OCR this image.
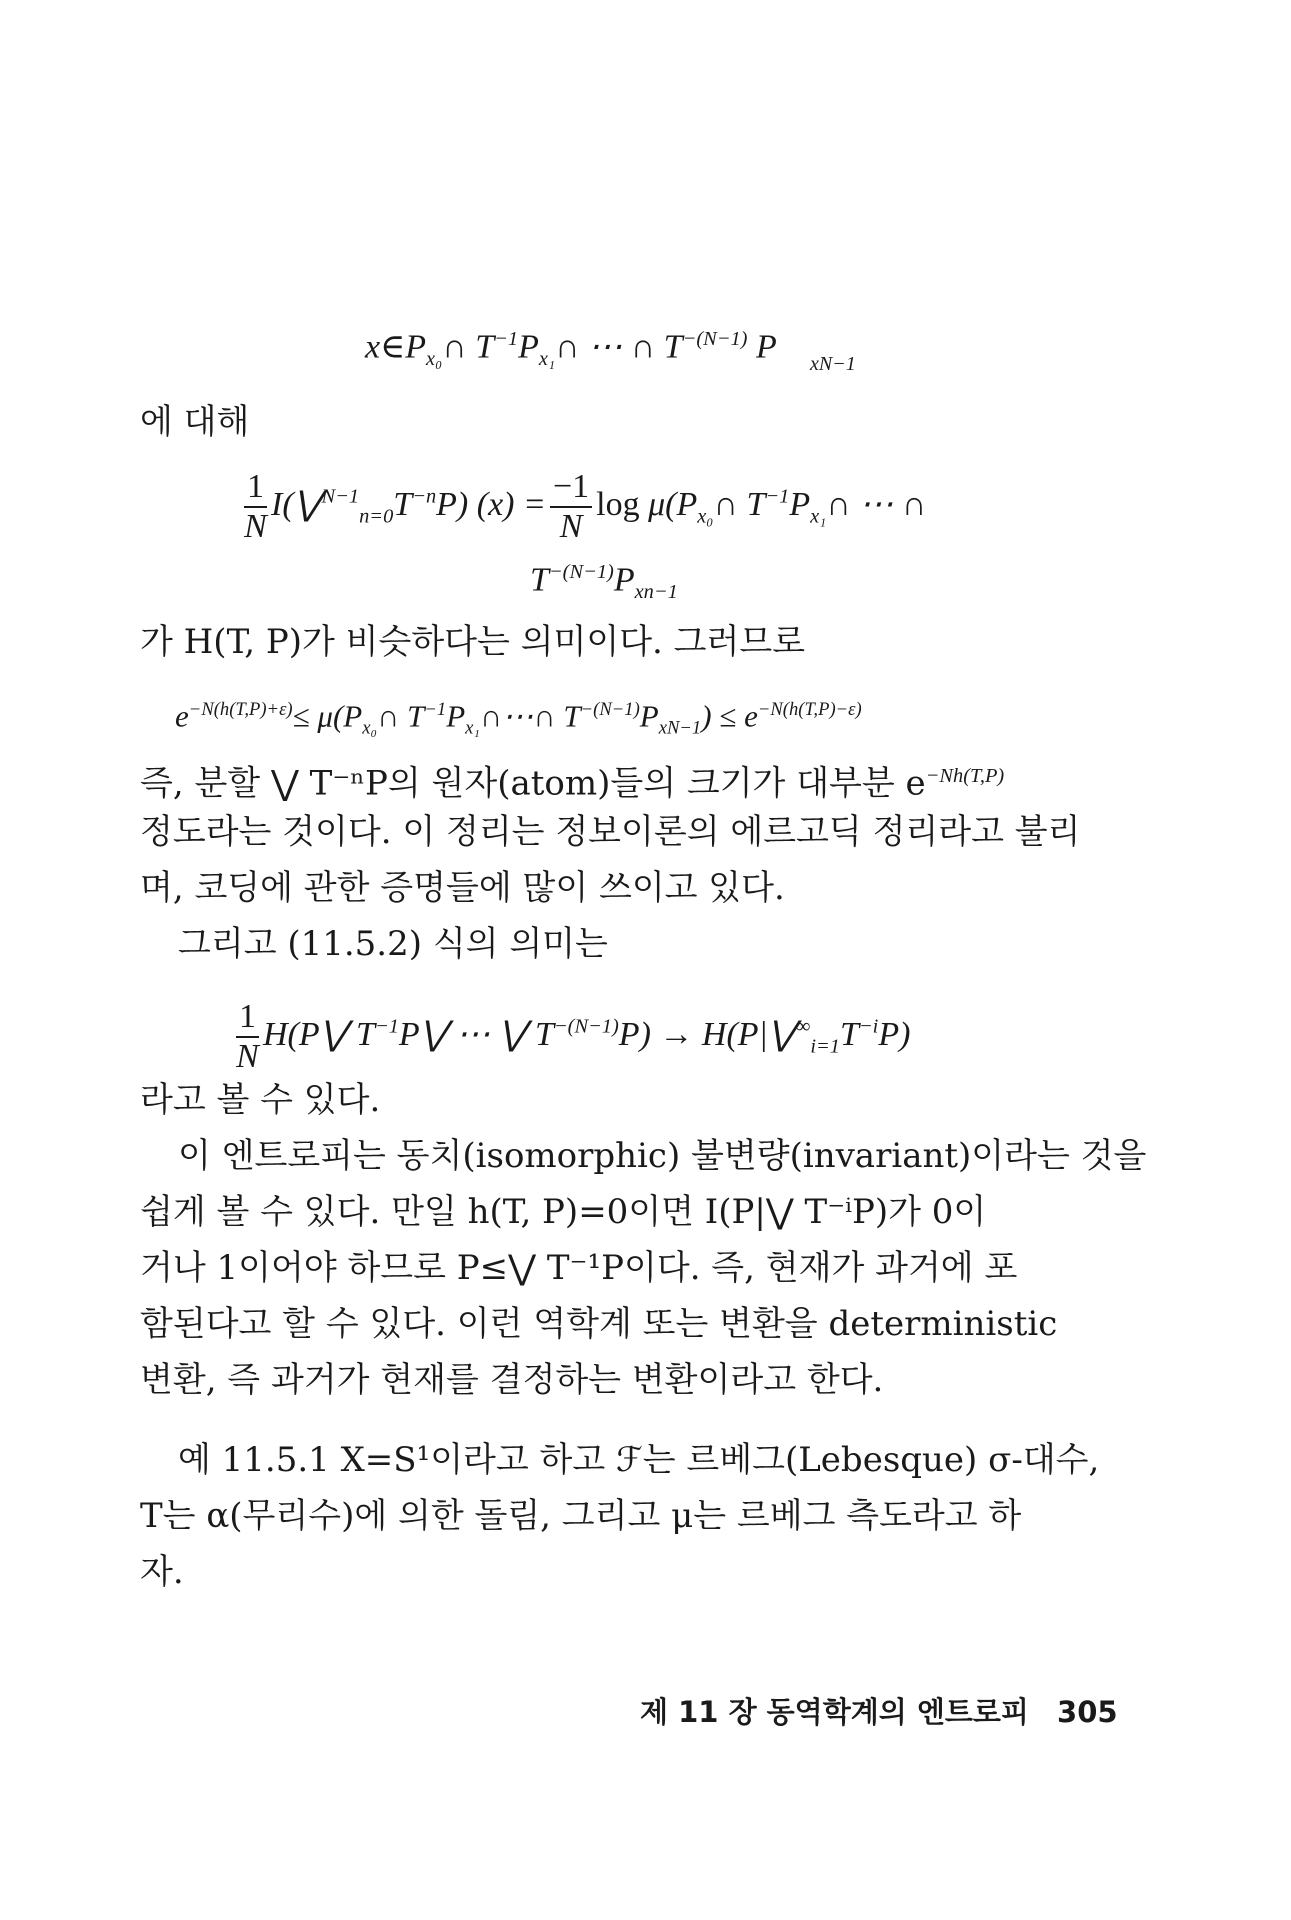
$x\in P_{x_0}\cap$ $T^{-1}P_{x_1}\cap$ ⋯ ∩ $T^{-(N-1)}$ P xN−1
에 대해
$\frac{1}{N}$ $I(⋁^{N-1}_{n=0}T^{-n}P) (x) = \frac{-1}{N}$ $\log \mu(P_{x_0}\cap$ $T^{-1}P_{x_1}\cap$ ⋯ ∩
$T^{-(N-1)}P_{xn-1}$
가 H(T, P)가 비슷하다는 의미이다. 그러므로
$e^{-N(h(T,P)+\varepsilon)}\le$ $\mu(P_{x_0}\cap$ $T^{-1}P_{x_1}\cap\cdots\cap$ $T^{-(N-1)}P_{xN-1}) \le e^{-N(h(T,P)-\varepsilon)}$
즉, 분할 ⋁ T⁻ⁿP의 원자(atom)들의 크기가 대부분 $e^{-Nh(T,P)}$
정도라는 것이다. 이 정리는 정보이론의 에르고딕 정리라고 불리
며, 코딩에 관한 증명들에 많이 쓰이고 있다.
그리고 (11.5.2) 식의 의미는
$\frac{1}{N}$ H(P⋁ $T^{-1}P⋁$ ⋯ ⋁ $T^{-(N-1)}P$) → $H(P|⋁^\infty_{i=1}T^{-i}P)$
라고 볼 수 있다.
이 엔트로피는 동치(isomorphic) 불변량(invariant)이라는 것을
쉽게 볼 수 있다. 만일 h(T, P)=0이면 I(P|⋁ T⁻ⁱP)가 0이
거나 1이어야 하므로 P≤⋁ T⁻¹P이다. 즉, 현재가 과거에 포
함된다고 할 수 있다. 이런 역학계 또는 변환을 deterministic
변환, 즉 과거가 현재를 결정하는 변환이라고 한다.
예 11.5.1 X=S¹이라고 하고 ℱ는 르베그(Lebesque) σ-대수,
T는 α(무리수)에 의한 돌림, 그리고 μ는 르베그 측도라고 하
자.
제 11 장 동역학계의 엔트로피 305
